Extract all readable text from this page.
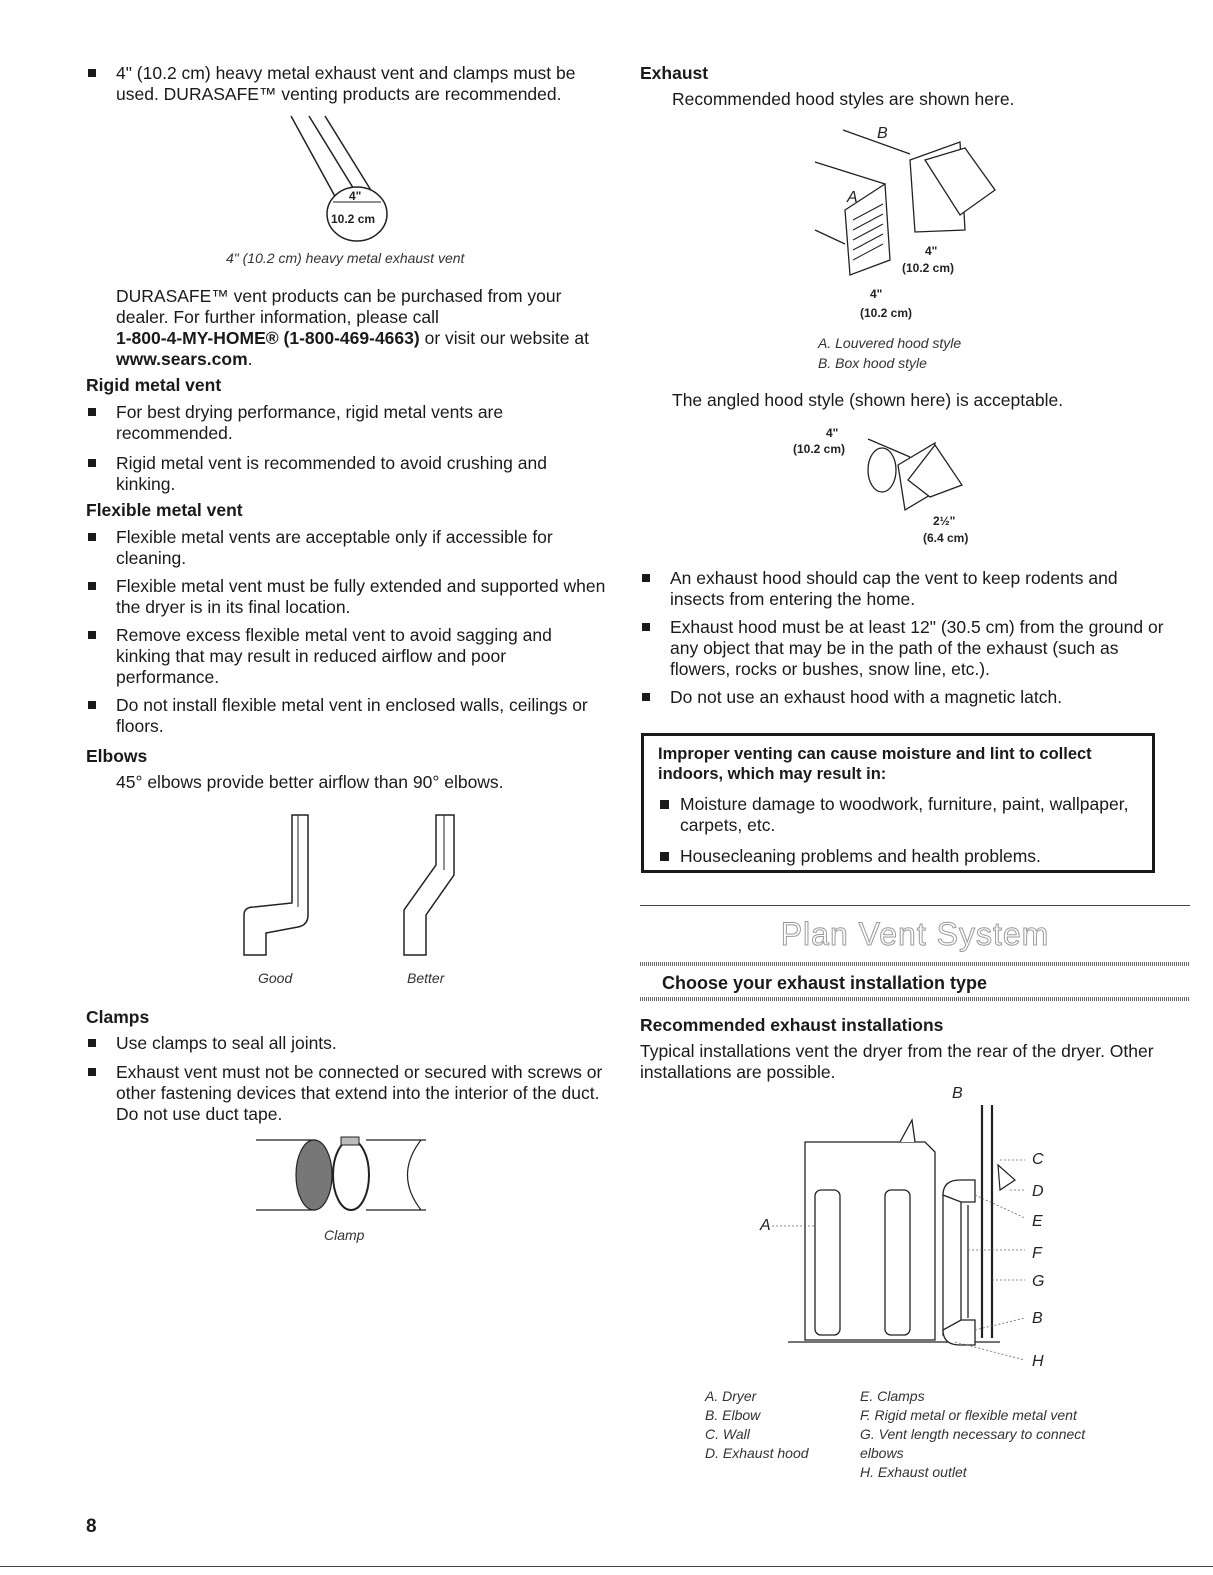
4" (10.2 cm) heavy metal exhaust vent and clamps must be used. DURASAFE™ venting products are recommended.
4"
10.2 cm
4" (10.2 cm) heavy metal exhaust vent
DURASAFE™ vent products can be purchased from your dealer. For further information, please call
1-800-4-MY-HOME® (1-800-469-4663) or visit our website at
www.sears.com.
Rigid metal vent
For best drying performance, rigid metal vents are recommended.
Rigid metal vent is recommended to avoid crushing and kinking.
Flexible metal vent
Flexible metal vents are acceptable only if accessible for cleaning.
Flexible metal vent must be fully extended and supported when the dryer is in its final location.
Remove excess flexible metal vent to avoid sagging and kinking that may result in reduced airflow and poor performance.
Do not install flexible metal vent in enclosed walls, ceilings or floors.
Elbows
45° elbows provide better airflow than 90° elbows.
Good	Better
Clamps
Use clamps to seal all joints.
Exhaust vent must not be connected or secured with screws or other fastening devices that extend into the interior of the duct. Do not use duct tape.
Clamp
Exhaust
Recommended hood styles are shown here.
B
A
4"
(10.2 cm)
4"
(10.2 cm)
A. Louvered hood style
B. Box hood style
The angled hood style (shown here) is acceptable.
4"
(10.2 cm)
2½"
(6.4 cm)
An exhaust hood should cap the vent to keep rodents and insects from entering the home.
Exhaust hood must be at least 12" (30.5 cm) from the ground or any object that may be in the path of the exhaust (such as flowers, rocks or bushes, snow line, etc.).
Do not use an exhaust hood with a magnetic latch.

Improper venting can cause moisture and lint to collect indoors, which may result in:

Moisture damage to woodwork, furniture, paint, wallpaper, carpets, etc.
Housecleaning problems and health problems.
Plan Vent System
Choose your exhaust installation type
Recommended exhaust installations
Typical installations vent the dryer from the rear of the dryer. Other installations are possible.
A
B
C
D
E
F
G
B
H
A. Dryer
B. Elbow
C. Wall
D. Exhaust hood
E. Clamps
F. Rigid metal or flexible metal vent
G. Vent length necessary to connect elbows
H. Exhaust outlet
8
